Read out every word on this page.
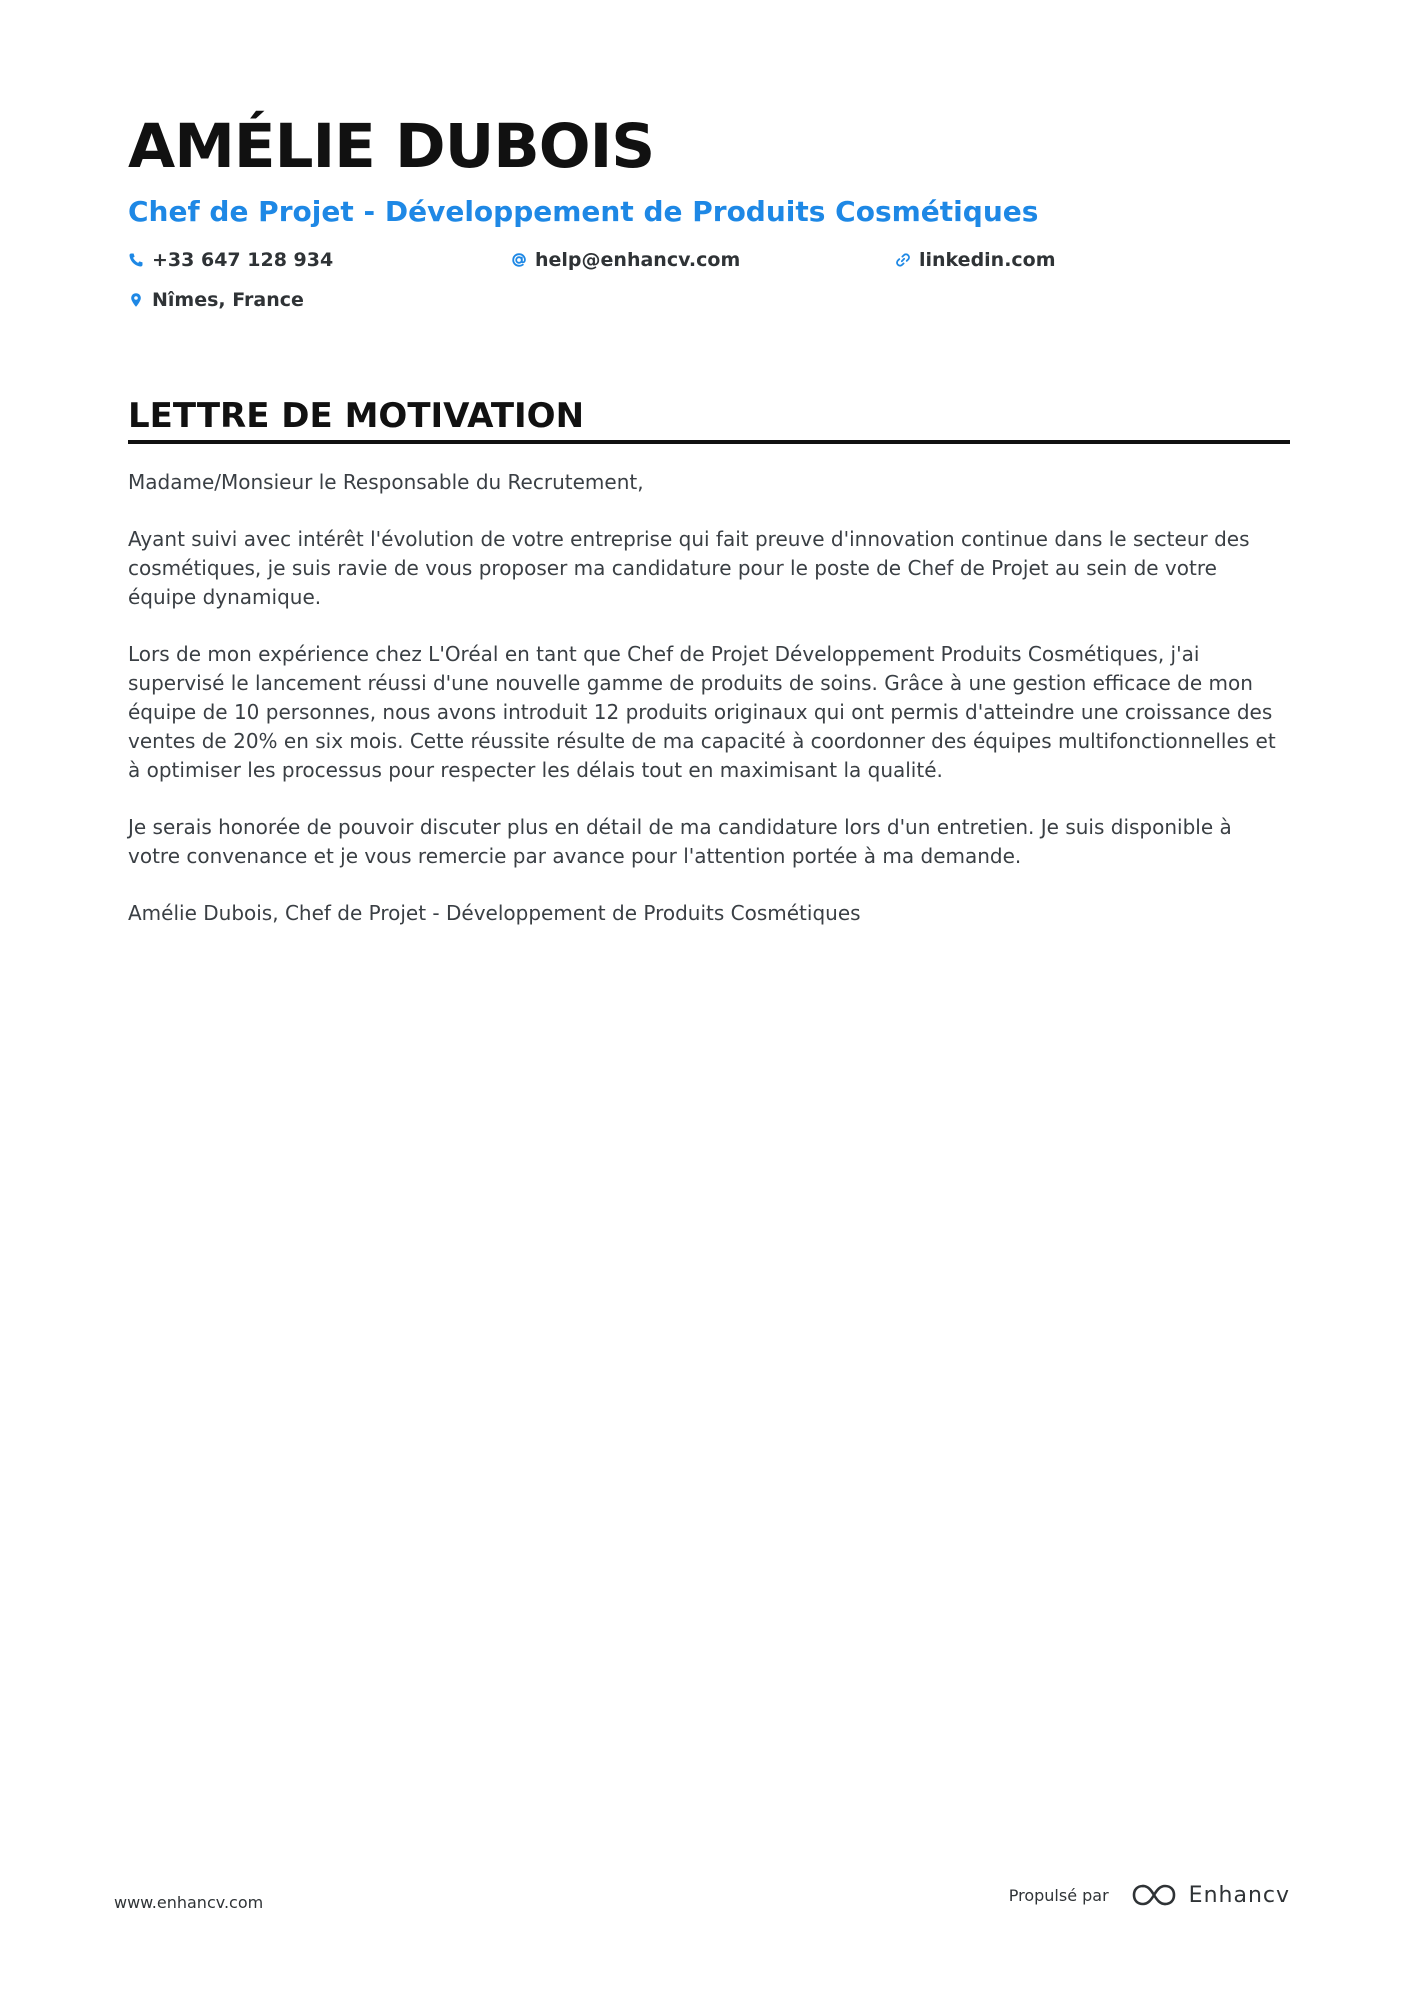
AMÉLIE DUBOIS
Chef de Projet - Développement de Produits Cosmétiques
+33 647 128 934	help@enhancv.com	linkedin.com
Nîmes, France
LETTRE DE MOTIVATION

Madame/Monsieur le Responsable du Recrutement,

Ayant suivi avec intérêt l'évolution de votre entreprise qui fait preuve d'innovation continue dans le secteur des cosmétiques, je suis ravie de vous proposer ma candidature pour le poste de Chef de Projet au sein de votre équipe dynamique.

Lors de mon expérience chez L'Oréal en tant que Chef de Projet Développement Produits Cosmétiques, j'ai supervisé le lancement réussi d'une nouvelle gamme de produits de soins. Grâce à une gestion efficace de mon équipe de 10 personnes, nous avons introduit 12 produits originaux qui ont permis d'atteindre une croissance des ventes de 20% en six mois. Cette réussite résulte de ma capacité à coordonner des équipes multifonctionnelles et à optimiser les processus pour respecter les délais tout en maximisant la qualité.

Je serais honorée de pouvoir discuter plus en détail de ma candidature lors d'un entretien. Je suis disponible à votre convenance et je vous remercie par avance pour l'attention portée à ma demande.

Amélie Dubois, Chef de Projet - Développement de Produits Cosmétiques

www.enhancv.com	Propulsé par	Enhancv
